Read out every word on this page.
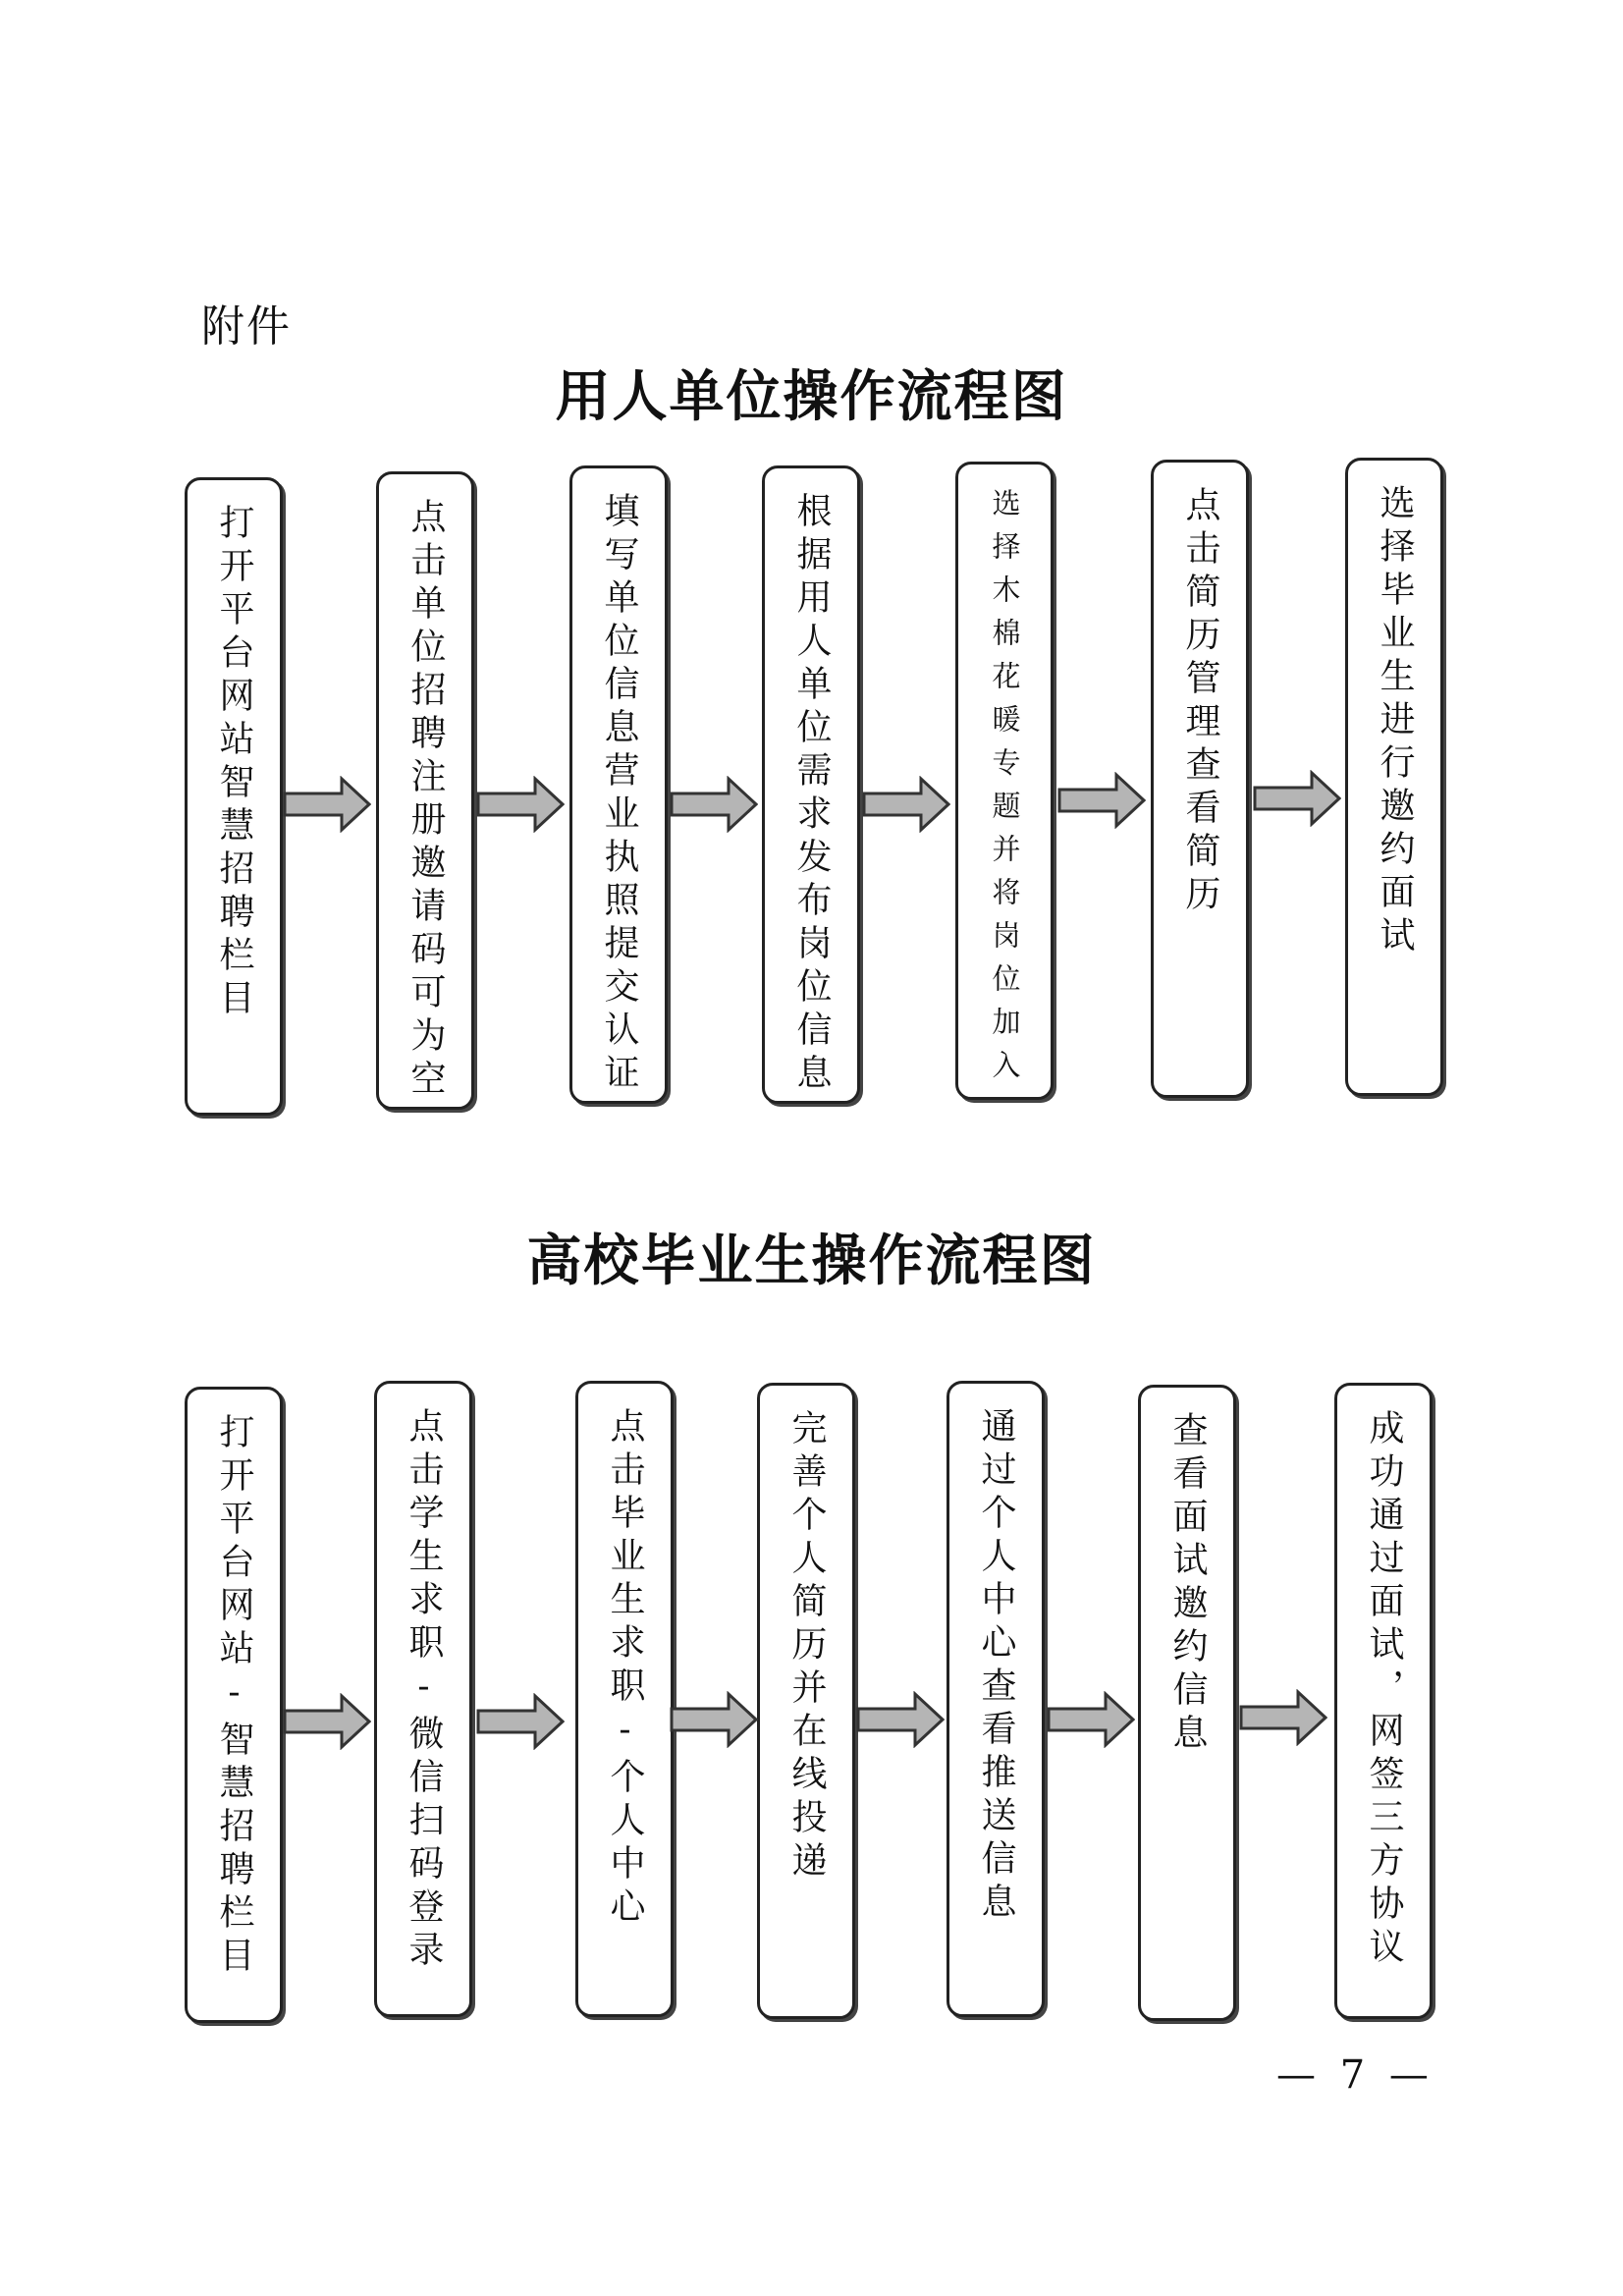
附件
用人单位操作流程图
打开平台网站智慧招聘栏目	点击单位招聘注册邀请码可为空	填写单位信息营业执照提交认证	根据用人单位需求发布岗位信息	选择木棉花暖专题并将岗位加入	点击简历管理查看简历	选择毕业生进行邀约面试
高校毕业生操作流程图
打开平台网站-智慧招聘栏目	点击学生求职-微信扫码登录	点击毕业生求职-个人中心	完善个人简历并在线投递	通过个人中心查看推送信息	查看面试邀约信息	成功通过面试，网签三方协议
— 7 —
